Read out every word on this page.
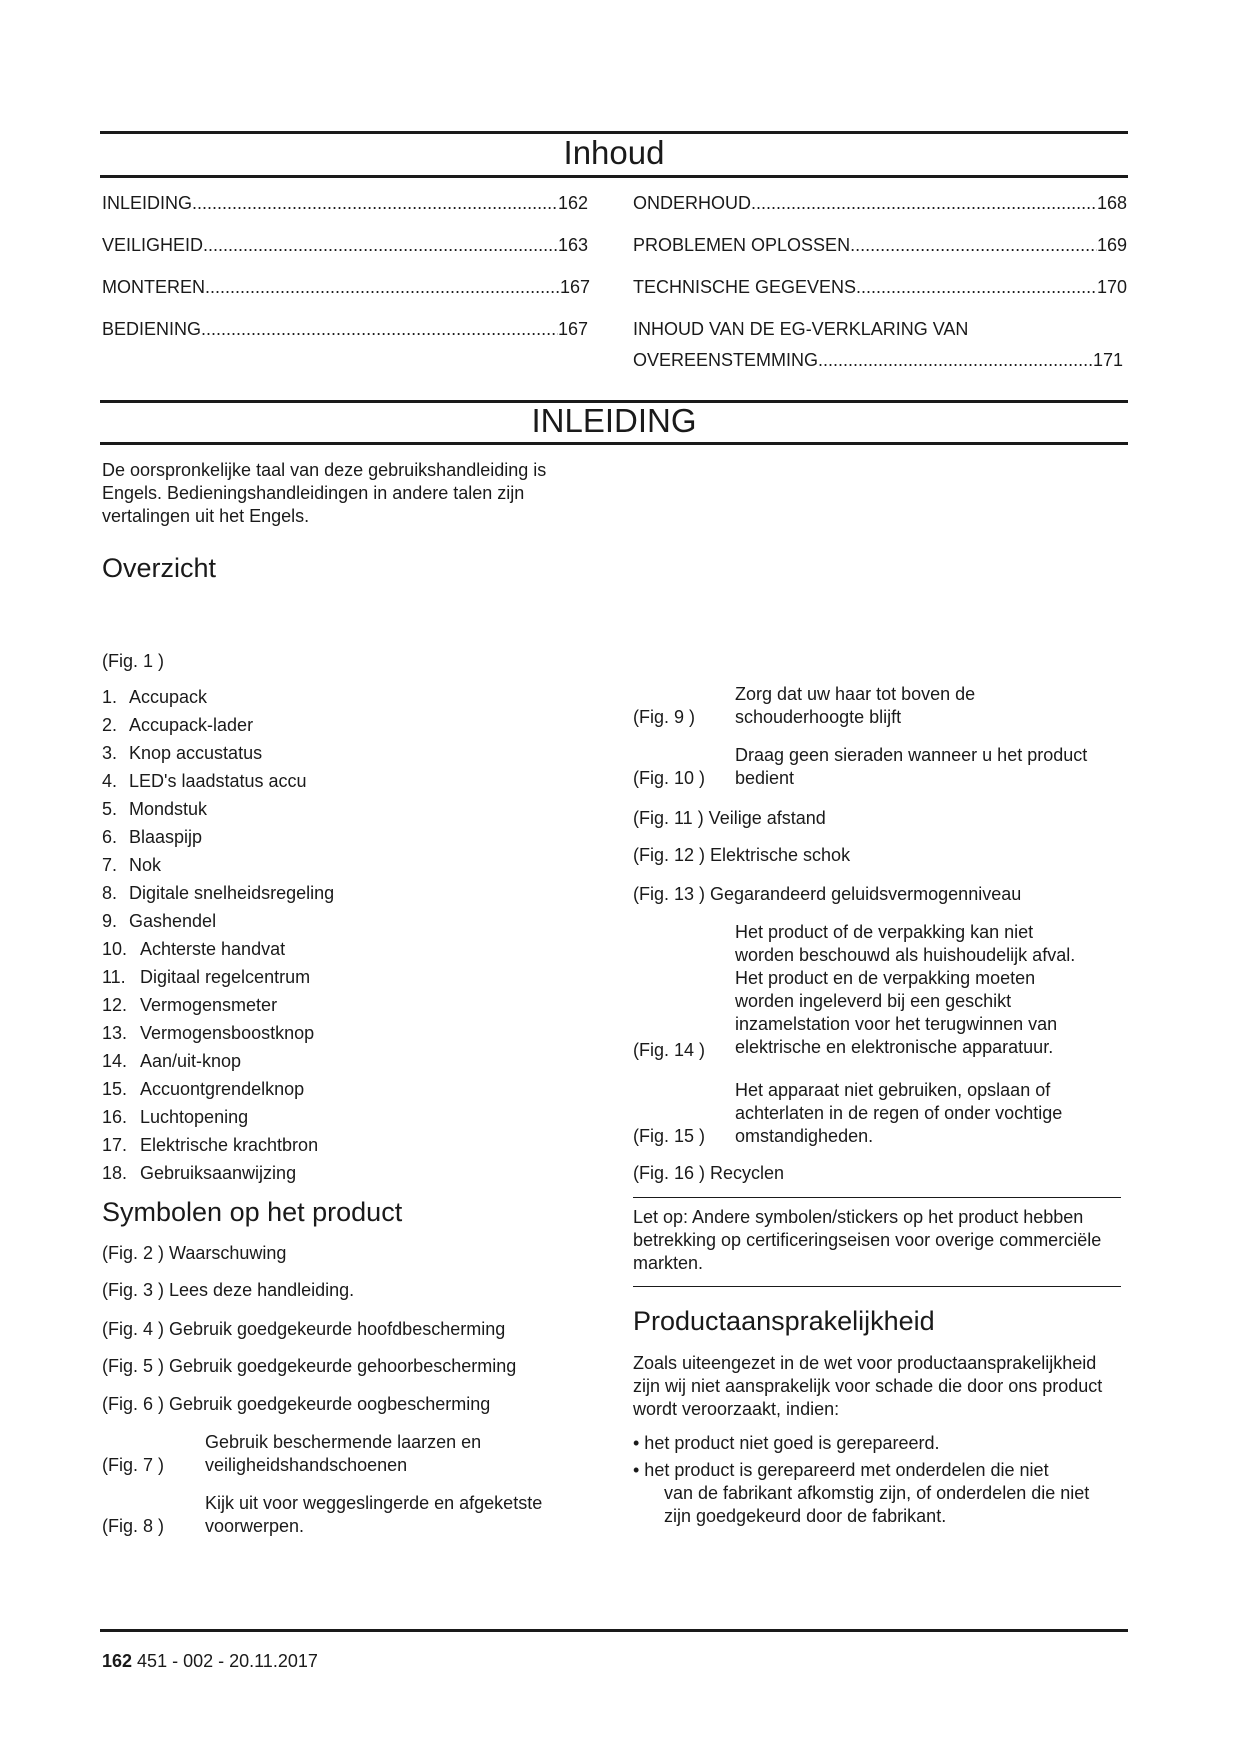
Inhoud
INLEIDING .....	162
VEILIGHEID .....	163
MONTEREN .....	167
BEDIENING .....	167
ONDERHOUD .....	168
PROBLEMEN OPLOSSEN .....	169
TECHNISCHE GEGEVENS .....	170
INHOUD VAN DE EG-VERKLARING VAN
OVEREENSTEMMING .....	171
INLEIDING
De oorspronkelijke taal van deze gebruikshandleiding is Engels. Bedieningshandleidingen in andere talen zijn vertalingen uit het Engels.
Overzicht
(Fig. 1 )
1. Accupack
2. Accupack-lader
3. Knop accustatus
4. LED's laadstatus accu
5. Mondstuk
6. Blaaspijp
7. Nok
8. Digitale snelheidsregeling
9. Gashendel
10. Achterste handvat
11. Digitaal regelcentrum
12. Vermogensmeter
13. Vermogensboostknop
14. Aan/uit-knop
15. Accuontgrendelknop
16. Luchtopening
17. Elektrische krachtbron
18. Gebruiksaanwijzing
Symbolen op het product
(Fig. 2 ) Waarschuwing
(Fig. 3 ) Lees deze handleiding.
(Fig. 4 ) Gebruik goedgekeurde hoofdbescherming
(Fig. 5 ) Gebruik goedgekeurde gehoorbescherming
(Fig. 6 ) Gebruik goedgekeurde oogbescherming
(Fig. 7 )
Gebruik beschermende laarzen en veiligheidshandschoenen
(Fig. 8 )
Kijk uit voor weggeslingerde en afgeketste voorwerpen.
(Fig. 9 )
Zorg dat uw haar tot boven de schouderhoogte blijft
(Fig. 10 )
Draag geen sieraden wanneer u het product bedient
(Fig. 11 ) Veilige afstand
(Fig. 12 ) Elektrische schok
(Fig. 13 ) Gegarandeerd geluidsvermogenniveau
(Fig. 14 )
Het product of de verpakking kan niet worden beschouwd als huishoudelijk afval. Het product en de verpakking moeten worden ingeleverd bij een geschikt inzamelstation voor het terugwinnen van elektrische en elektronische apparatuur.
(Fig. 15 )
Het apparaat niet gebruiken, opslaan of achterlaten in de regen of onder vochtige omstandigheden.
(Fig. 16 ) Recyclen
Let op: Andere symbolen/stickers op het product hebben betrekking op certificeringseisen voor overige commerciële markten.
Productaansprakelijkheid
Zoals uiteengezet in de wet voor productaansprakelijkheid zijn wij niet aansprakelijk voor schade die door ons product wordt veroorzaakt, indien:
• het product niet goed is gerepareerd.
• het product is gerepareerd met onderdelen die niet
van de fabrikant afkomstig zijn, of onderdelen die niet zijn goedgekeurd door de fabrikant.
162 451 - 002 - 20.11.2017
